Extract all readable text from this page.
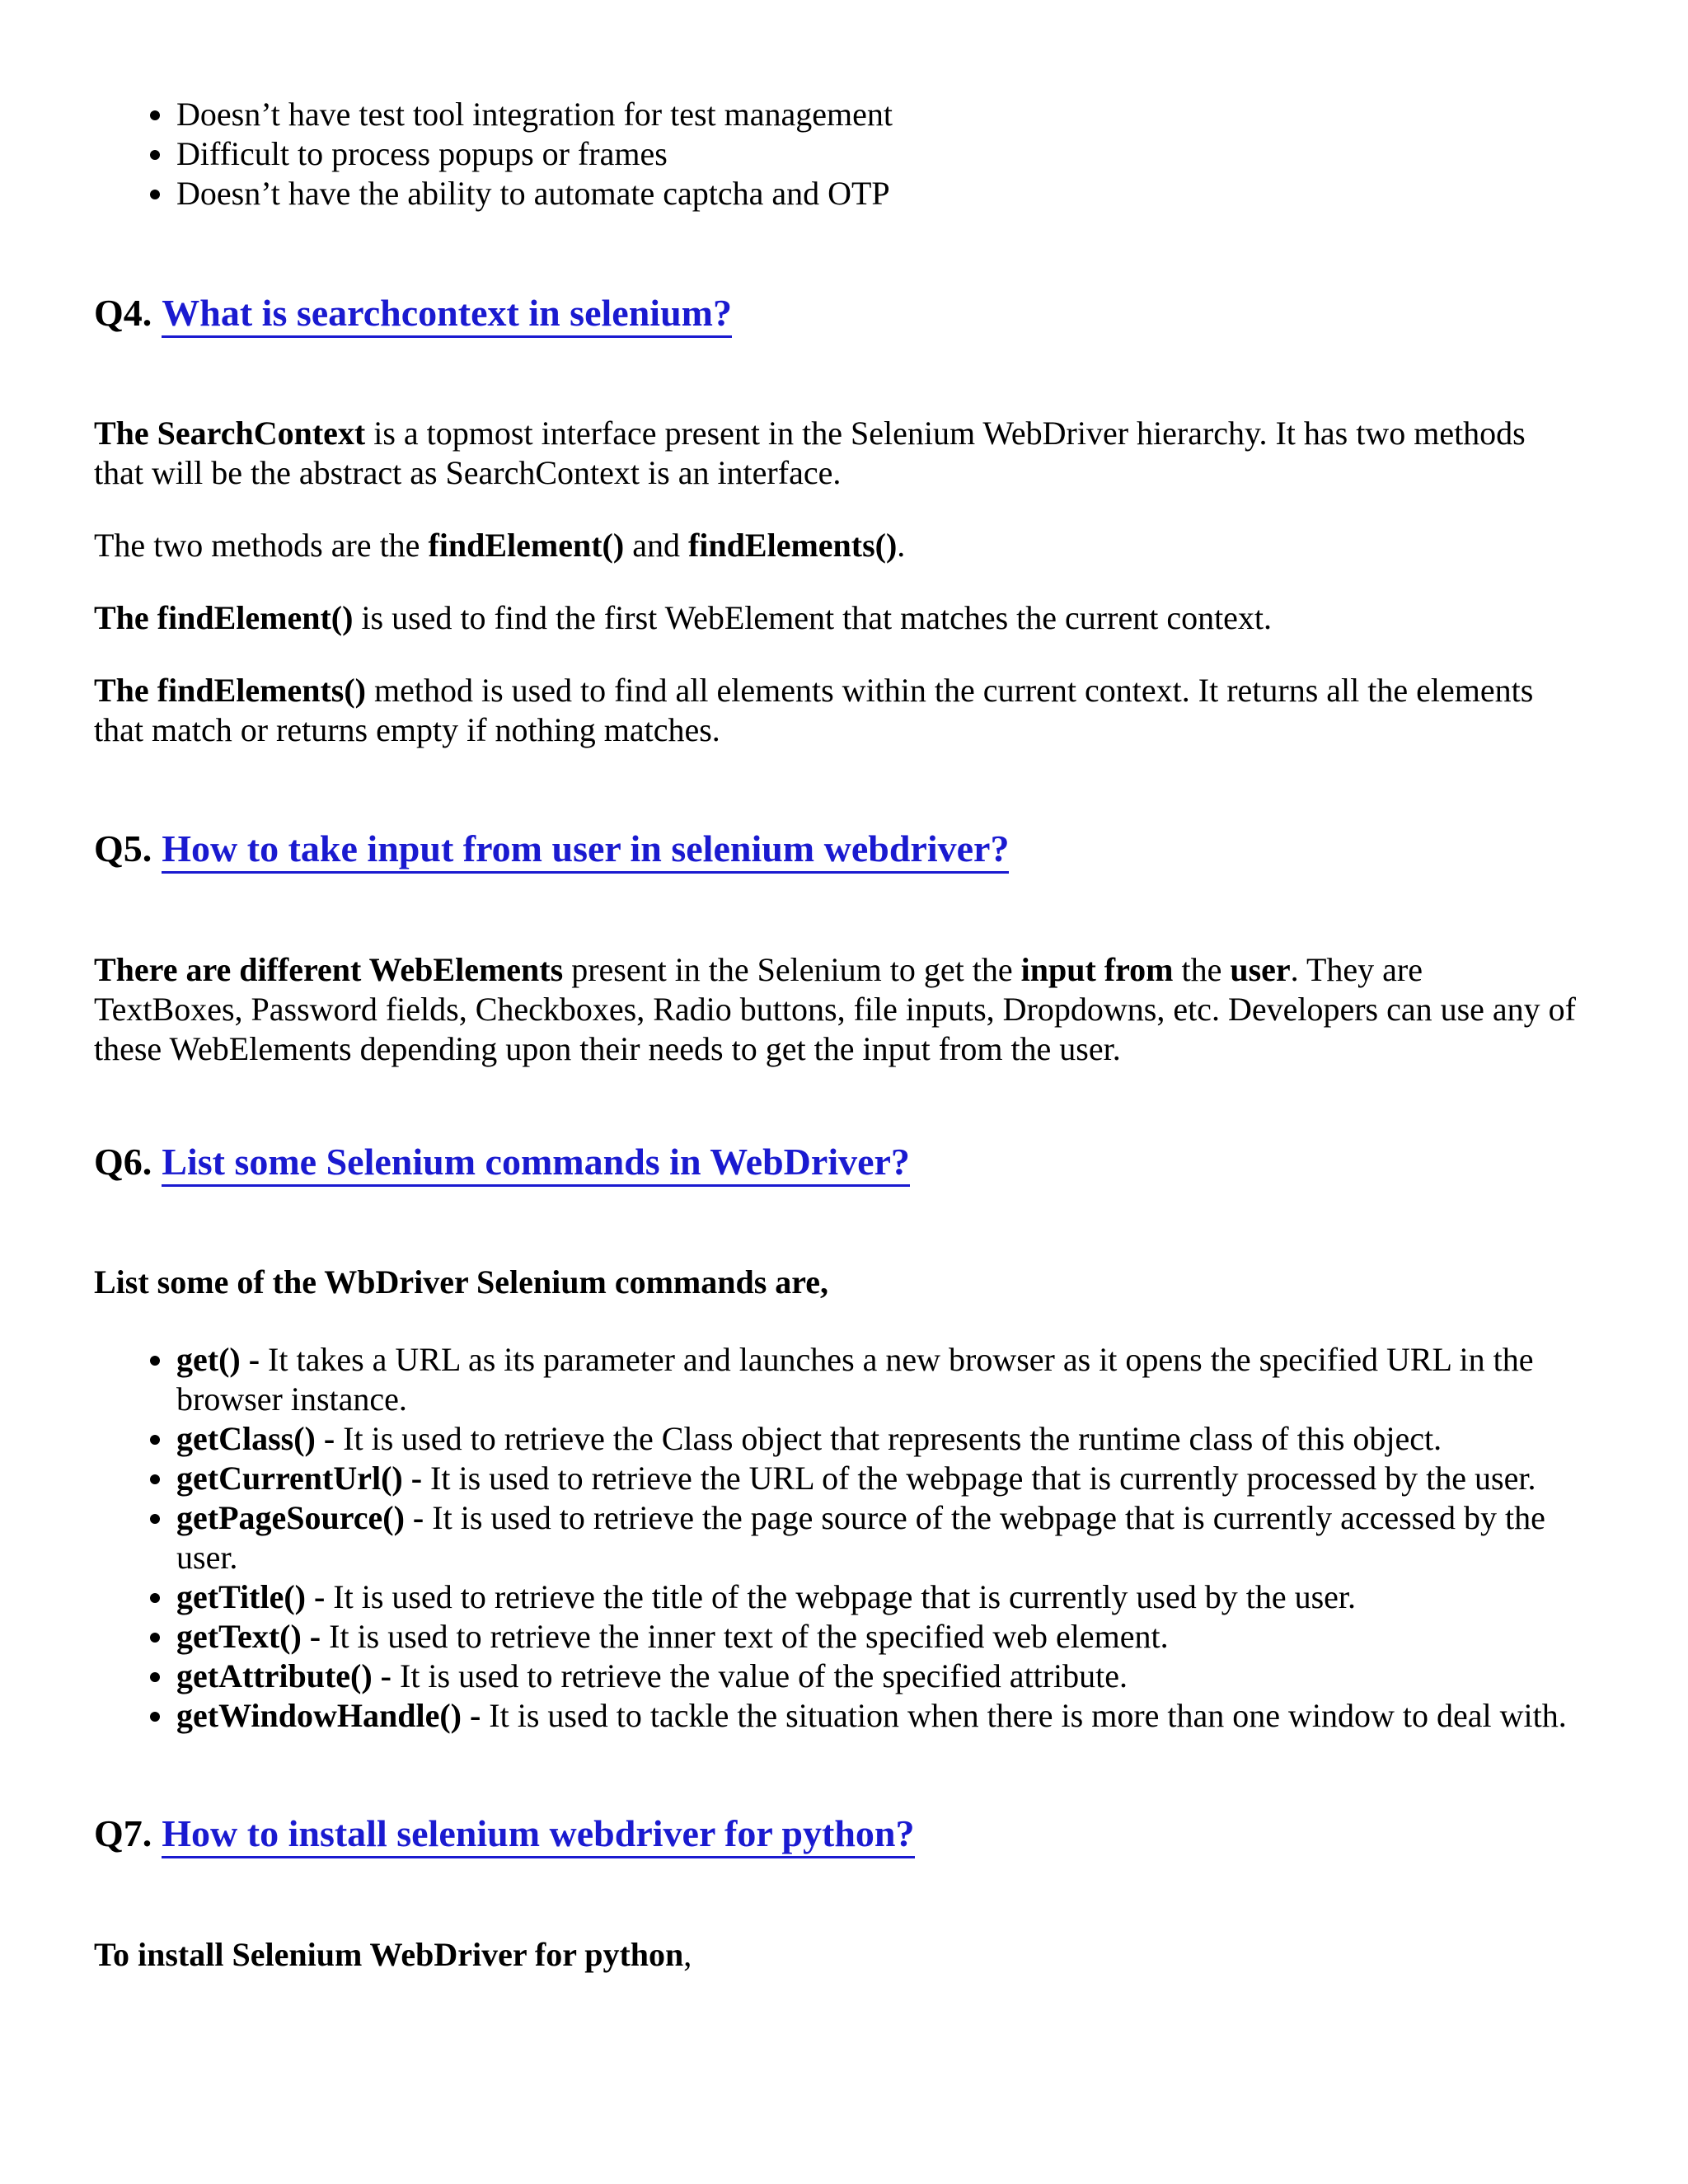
Doesn’t have test tool integration for test management
Difficult to process popups or frames
Doesn’t have the ability to automate captcha and OTP
Q4. What is searchcontext in selenium?
The SearchContext is a topmost interface present in the Selenium WebDriver hierarchy. It has two methods
that will be the abstract as SearchContext is an interface.
The two methods are the findElement() and findElements().
The findElement() is used to find the first WebElement that matches the current context.
The findElements() method is used to find all elements within the current context. It returns all the elements
that match or returns empty if nothing matches.
Q5. How to take input from user in selenium webdriver?
There are different WebElements present in the Selenium to get the input from the user. They are
TextBoxes, Password fields, Checkboxes, Radio buttons, file inputs, Dropdowns, etc. Developers can use any of
these WebElements depending upon their needs to get the input from the user.
Q6. List some Selenium commands in WebDriver?
List some of the WbDriver Selenium commands are,
get() - It takes a URL as its parameter and launches a new browser as it opens the specified URL in the
browser instance.
getClass() - It is used to retrieve the Class object that represents the runtime class of this object.
getCurrentUrl() - It is used to retrieve the URL of the webpage that is currently processed by the user.
getPageSource() - It is used to retrieve the page source of the webpage that is currently accessed by the
user.
getTitle() - It is used to retrieve the title of the webpage that is currently used by the user.
getText() - It is used to retrieve the inner text of the specified web element.
getAttribute() - It is used to retrieve the value of the specified attribute.
getWindowHandle() - It is used to tackle the situation when there is more than one window to deal with.
Q7. How to install selenium webdriver for python?
To install Selenium WebDriver for python,
